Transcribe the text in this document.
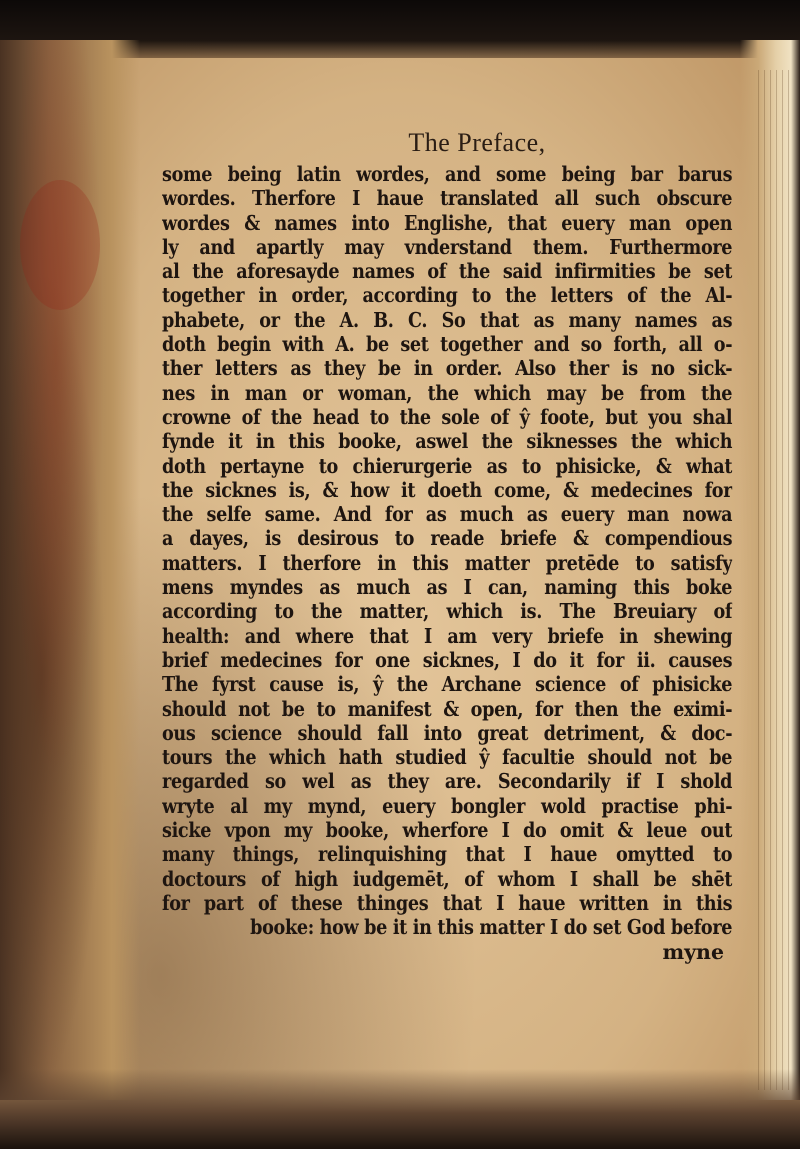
The Preface,
some being latin wordes, and some being bar barus
wordes. Therfore I haue translated all such obscure
wordes & names into Englishe, that euery man open
ly and apartly may vnderstand them. Furthermore
al the aforesayde names of the said infirmities be set
together in order, according to the letters of the Al-
phabete, or the A. B. C. So that as many names as
doth begin with A. be set together and so forth, all o-
ther letters as they be in order. Also ther is no sick-
nes in man or woman, the which may be from the
crowne of the head to the sole of ŷ foote, but you shal
fynde it in this booke, aswel the siknesses the which
doth pertayne to chierurgerie as to phisicke, & what
the sicknes is, & how it doeth come, & medecines for
the selfe same. And for as much as euery man nowa
a dayes, is desirous to reade briefe & compendious
matters. I therfore in this matter pretēde to satisfy
mens myndes as much as I can, naming this boke
according to the matter, which is. The Breuiary of
health: and where that I am very briefe in shewing
brief medecines for one sicknes, I do it for ii. causes
The fyrst cause is, ŷ the Archane science of phisicke
should not be to manifest & open, for then the eximi-
ous science should fall into great detriment, & doc-
tours the which hath studied ŷ facultie should not be
regarded so wel as they are. Secondarily if I shold
wryte al my mynd, euery bongler wold practise phi-
sicke vpon my booke, wherfore I do omit & leue out
many things, relinquishing that I haue omytted to
doctours of high iudgemēt, of whom I shall be shēt
for part of these thinges that I haue written in this
booke: how be it in this matter I do set God before
myne
